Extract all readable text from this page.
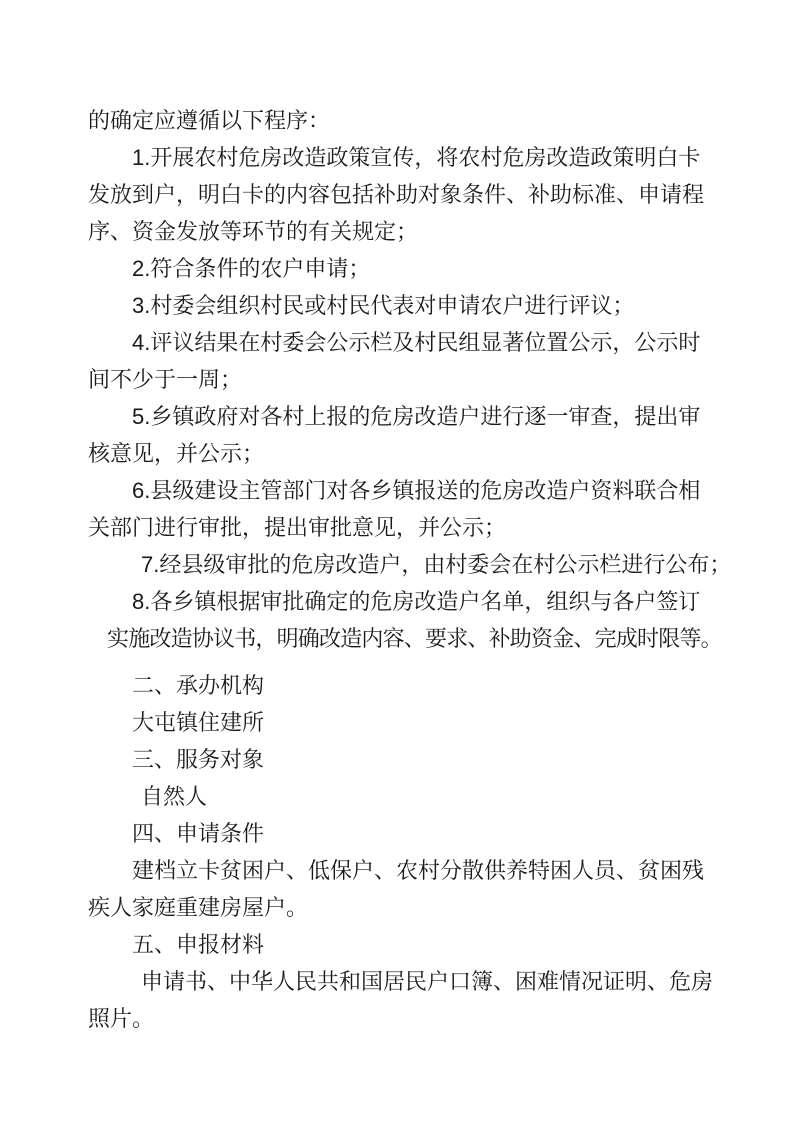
的确定应遵循以下程序：
1.开展农村危房改造政策宣传，将农村危房改造政策明白卡
发放到户，明白卡的内容包括补助对象条件、补助标准、申请程
序、资金发放等环节的有关规定；
2.符合条件的农户申请；
3.村委会组织村民或村民代表对申请农户进行评议；
4.评议结果在村委会公示栏及村民组显著位置公示，公示时
间不少于一周；
5.乡镇政府对各村上报的危房改造户进行逐一审查，提出审
核意见，并公示；
6.县级建设主管部门对各乡镇报送的危房改造户资料联合相
关部门进行审批，提出审批意见，并公示；
7.经县级审批的危房改造户，由村委会在村公示栏进行公布；
8.各乡镇根据审批确定的危房改造户名单，组织与各户签订
实施改造协议书，明确改造内容、要求、补助资金、完成时限等。
二、承办机构
大屯镇住建所
三、服务对象
自然人
四、申请条件
建档立卡贫困户、低保户、农村分散供养特困人员、贫困残
疾人家庭重建房屋户。
五、申报材料
申请书、中华人民共和国居民户口簿、困难情况证明、危房
照片。
